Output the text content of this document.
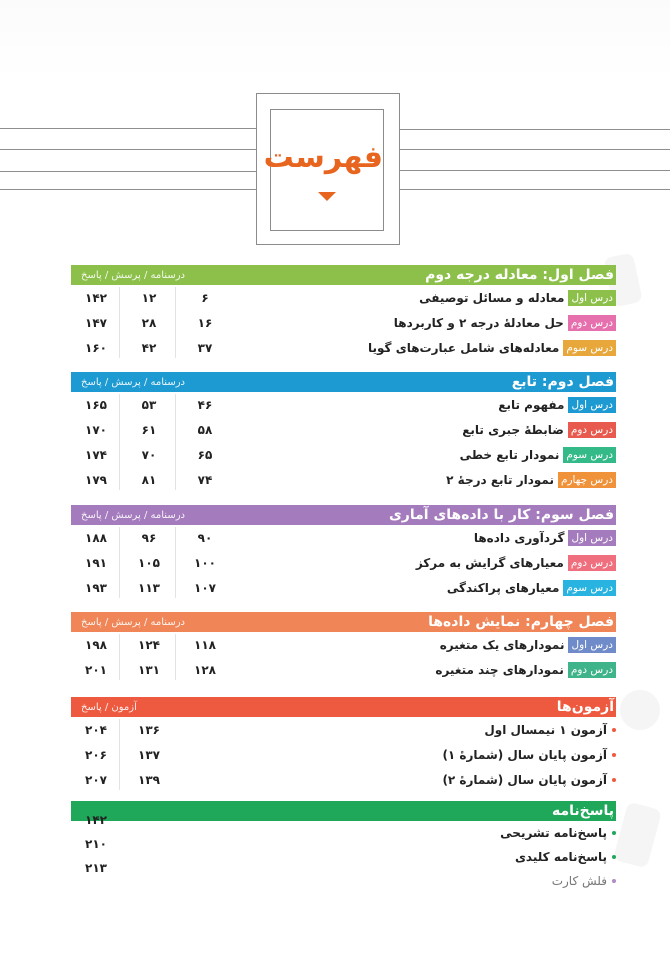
فهرست
فصل اول: معادله درجه دوم
درسنامه / پرسش / پاسخ
درس اول
معادله و مسائل توصیفی
۱۴۲	۱۲	۶
درس دوم
حل معادلهٔ درجه ۲ و کاربردها
۱۴۷	۲۸	۱۶
درس سوم
معادله‌های شامل عبارت‌های گویا
۱۶۰	۴۲	۳۷
فصل دوم: تابع
درسنامه / پرسش / پاسخ
درس اول
مفهوم تابع
۱۶۵	۵۳	۴۶
درس دوم
ضابطهٔ جبری تابع
۱۷۰	۶۱	۵۸
درس سوم
نمودار تابع خطی
۱۷۴	۷۰	۶۵
درس چهارم
نمودار تابع درجهٔ ۲
۱۷۹	۸۱	۷۴
فصل سوم: کار با داده‌های آماری
درسنامه / پرسش / پاسخ
درس اول
گردآوری داده‌ها
۱۸۸	۹۶	۹۰
درس دوم
معیارهای گرایش به مرکز
۱۹۱	۱۰۵	۱۰۰
درس سوم
معیارهای پراکندگی
۱۹۳	۱۱۳	۱۰۷
فصل چهارم: نمایش داده‌ها
درسنامه / پرسش / پاسخ
درس اول
نمودارهای یک متغیره
۱۹۸	۱۲۴	۱۱۸
درس دوم
نمودارهای چند متغیره
۲۰۱	۱۳۱	۱۲۸
آزمون‌ها
آزمون / پاسخ
آزمون ۱ نیمسال اول
۲۰۴	۱۳۶
آزمون پایان سال (شمارهٔ ۱)
۲۰۶	۱۳۷
آزمون پایان سال (شمارهٔ ۲)
۲۰۷	۱۳۹
پاسخ‌نامه
پاسخ‌نامه تشریحی
۱۴۲
پاسخ‌نامه کلیدی
۲۱۰
فلش کارت
۲۱۳
